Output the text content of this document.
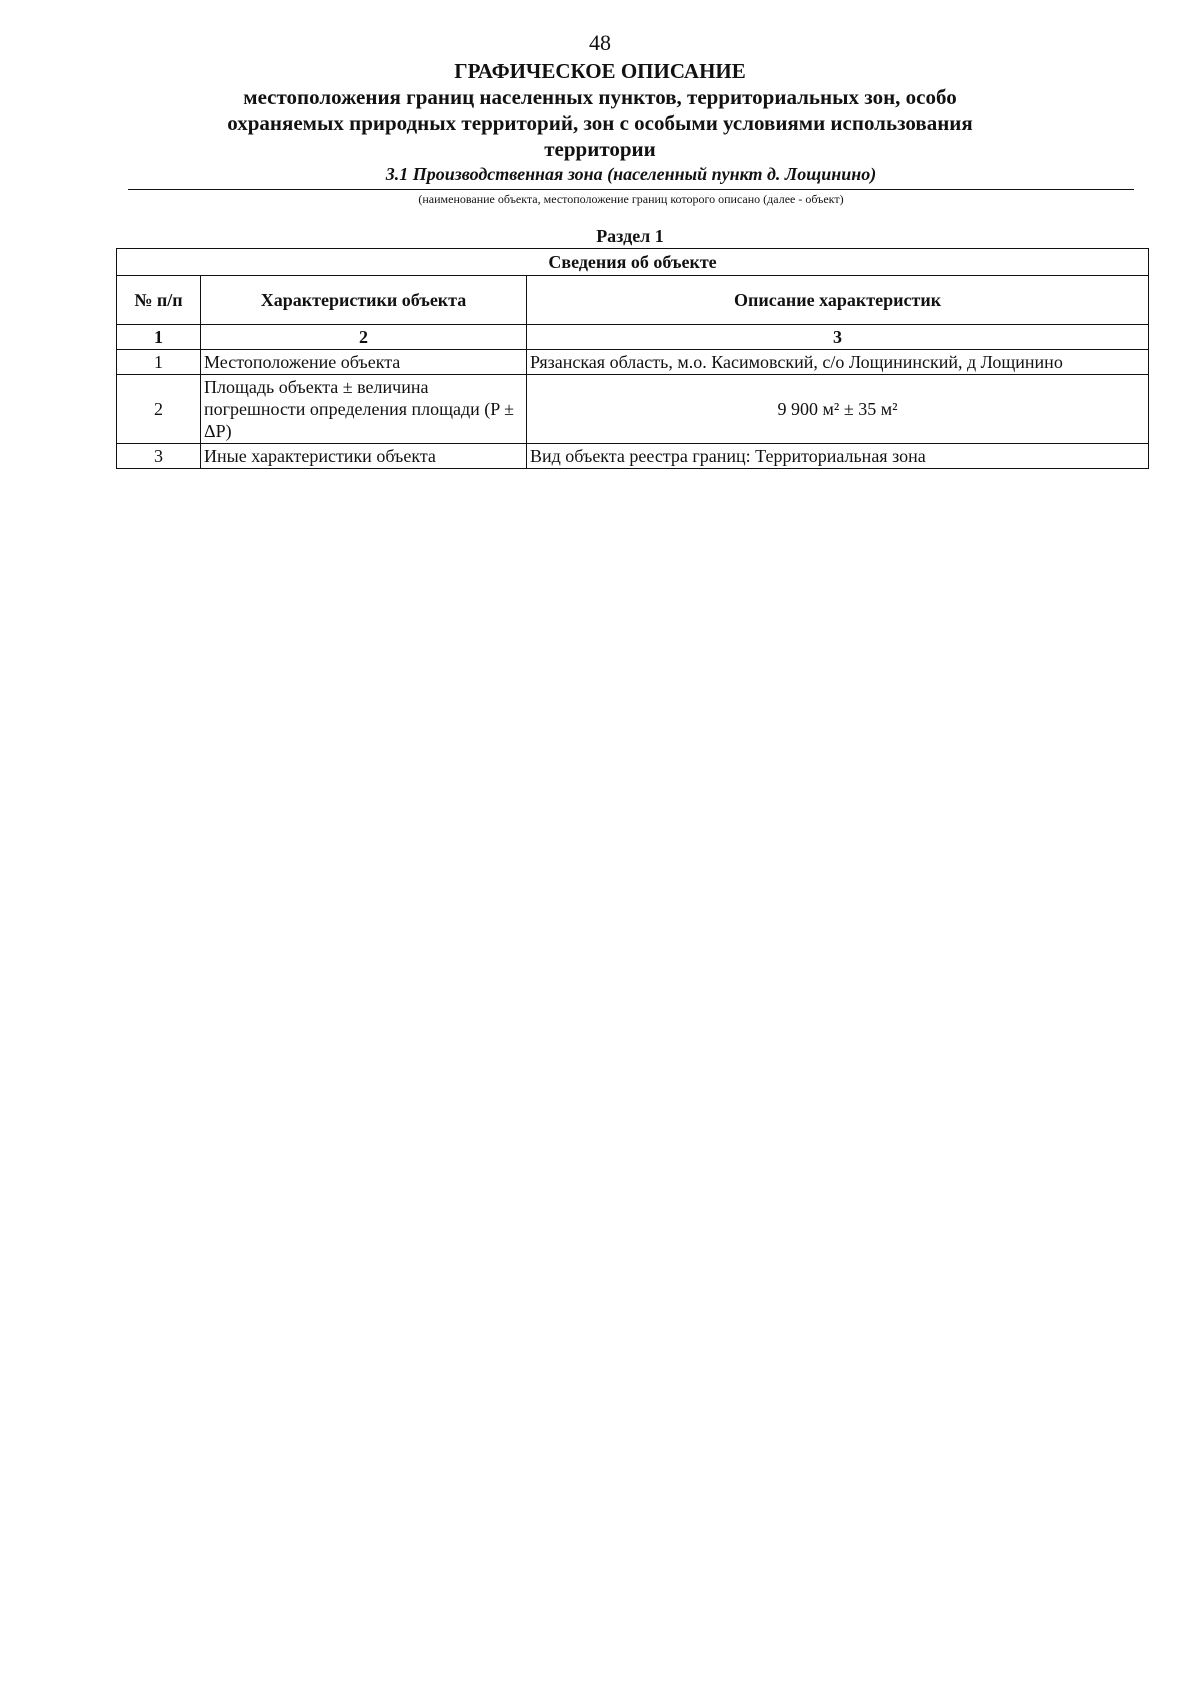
48
ГРАФИЧЕСКОЕ ОПИСАНИЕ
местоположения границ населенных пунктов, территориальных зон, особо охраняемых природных территорий, зон с особыми условиями использования территории
3.1 Производственная зона (населенный пункт д. Лощинино)
(наименование объекта, местоположение границ которого описано (далее - объект)
Раздел 1
Сведения об объекте		
№ п/п	Характеристики объекта	Описание характеристик
1	2	3
1	Местоположение объекта	Рязанская область, м.о. Касимовский, с/о Лощининский, д Лощинино
2	Площадь объекта ± величина погрешности определения площади (P ± ΔP)	9 900 м² ± 35 м²
3	Иные характеристики объекта	Вид объекта реестра границ: Территориальная зона
